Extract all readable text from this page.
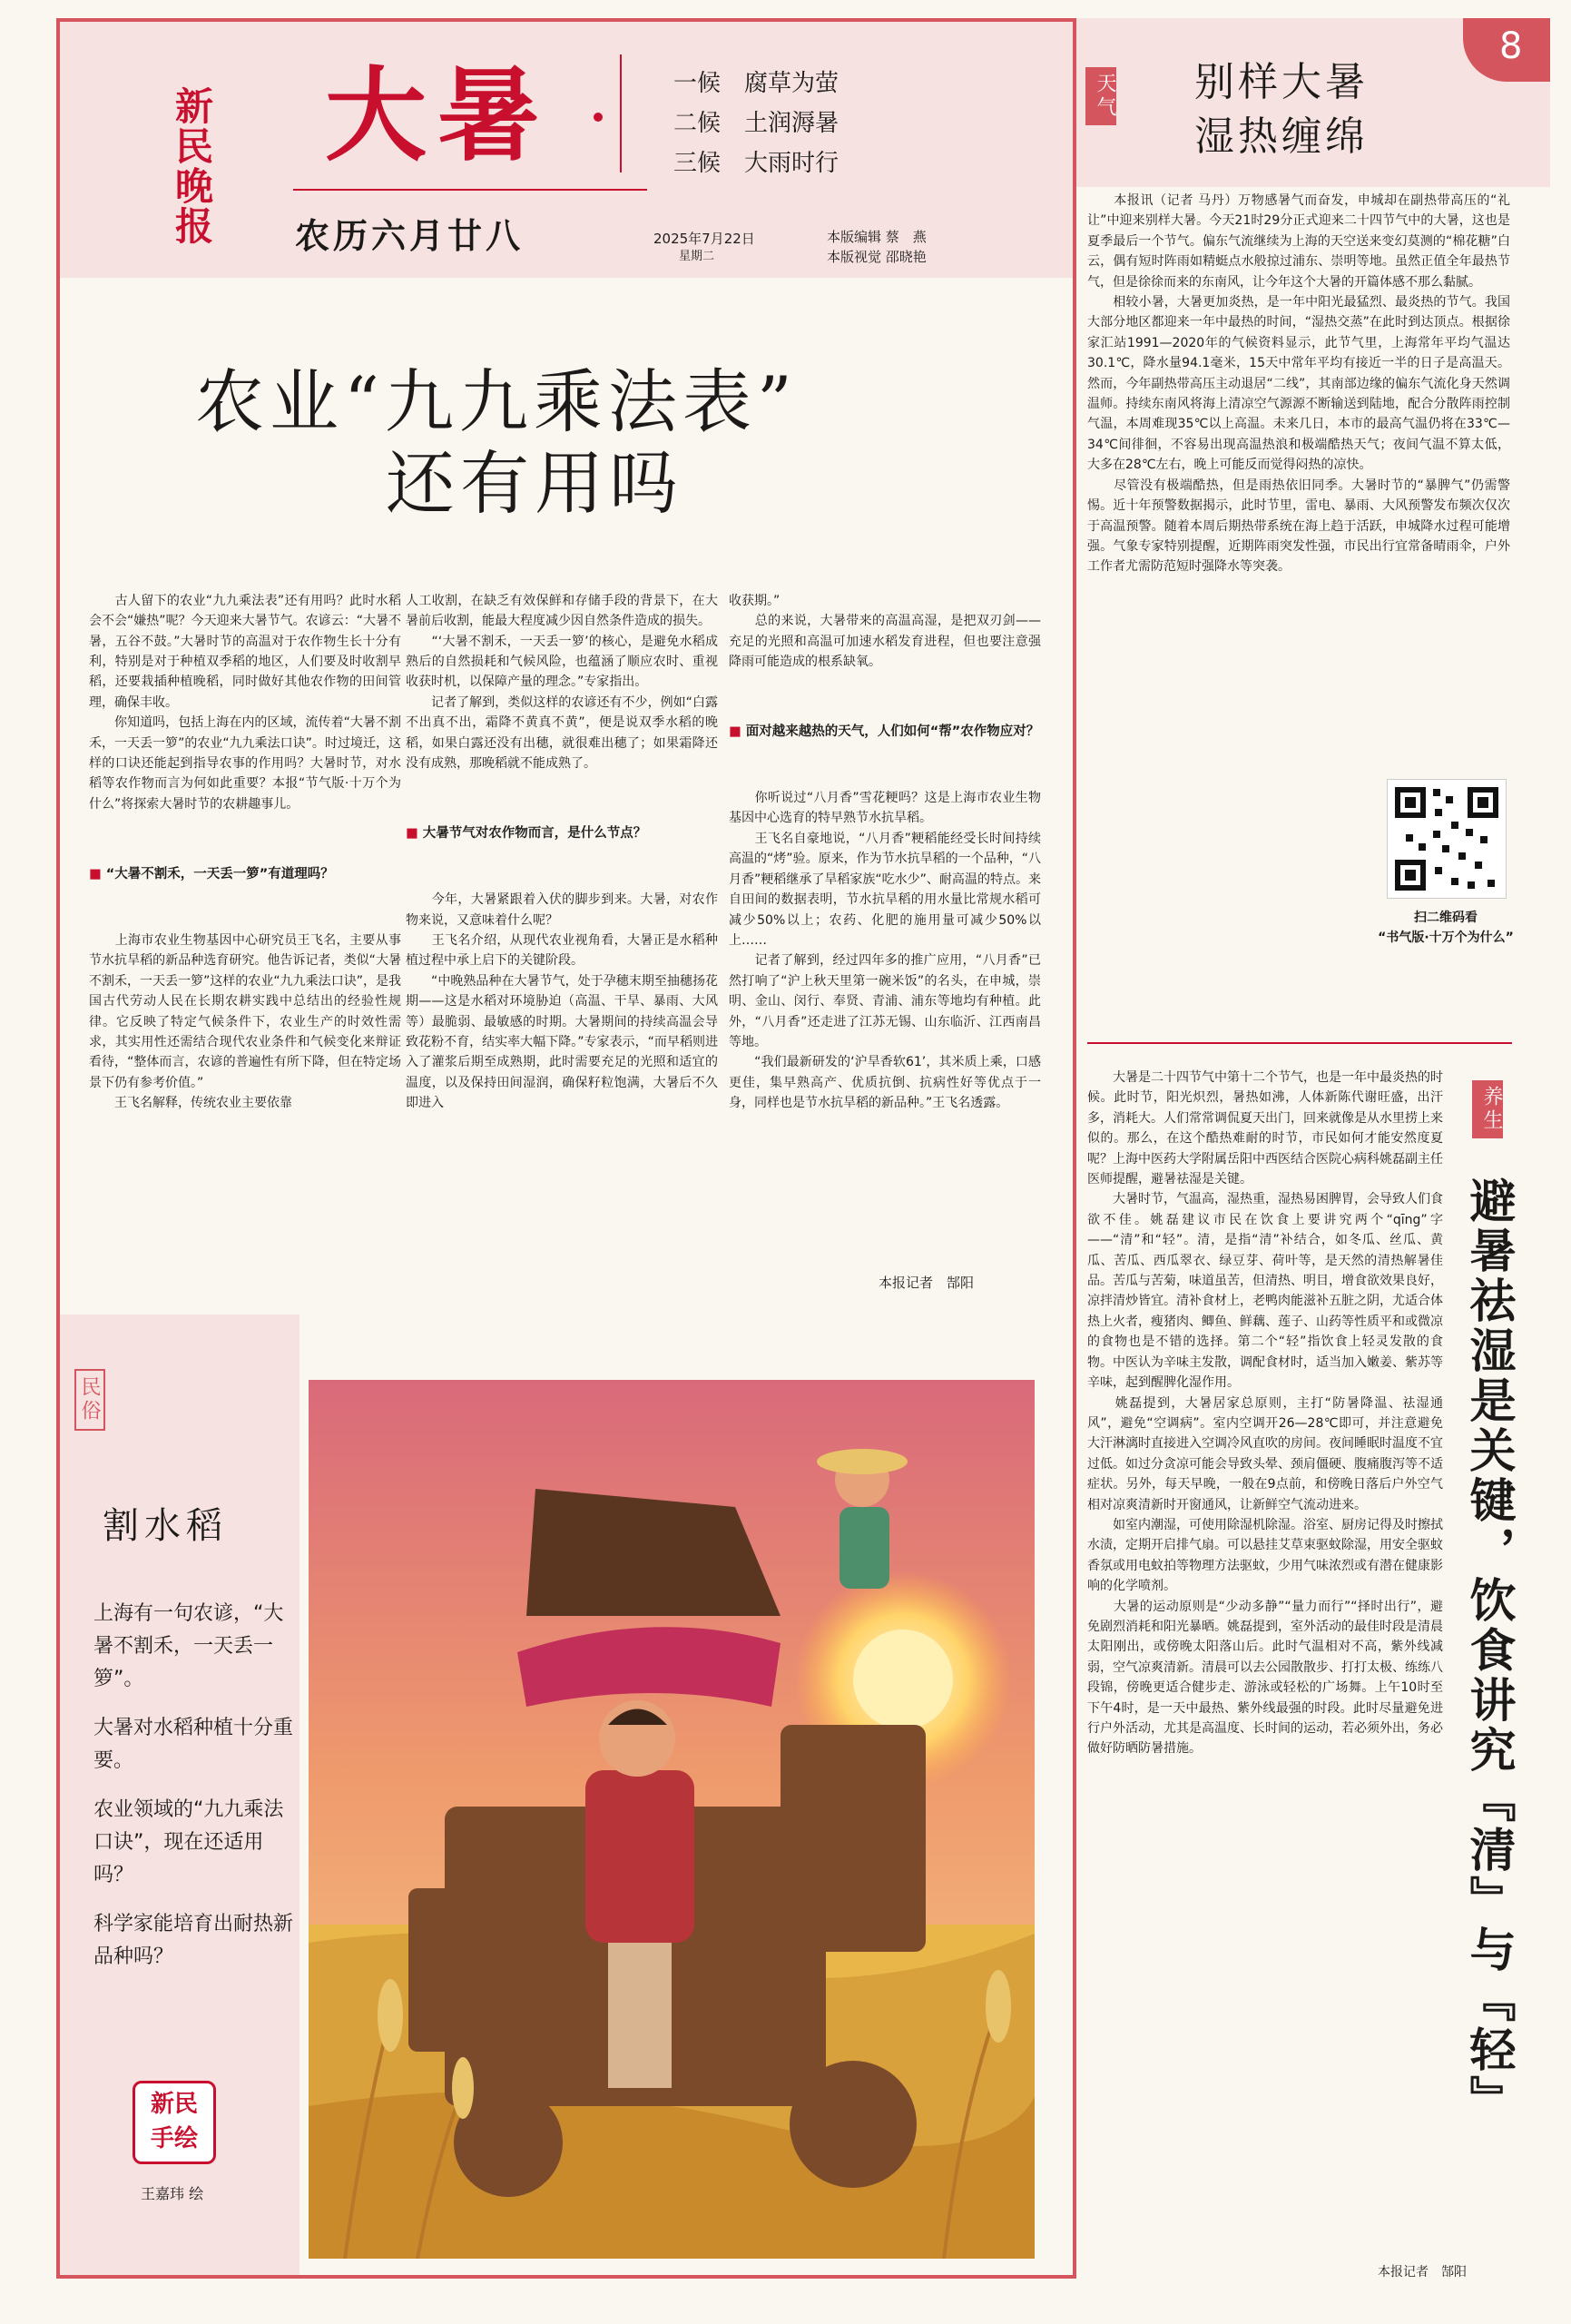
新民晚报 大暑	一候　腐草为萤
二候　土润溽暑
三候　大雨时行
农历六月廿八	2025年7月22日
星期二
本版编辑 蔡　燕
本版视觉 邵晓艳
8
农业“九九乘法表”
还有用吗

　　古人留下的农业“九九乘法表”还有用吗？此时水稻会不会“嫌热”呢？今天迎来大暑节气。农谚云：“大暑不暑，五谷不鼓。”大暑时节的高温对于农作物生长十分有利，特别是对于种植双季稻的地区，人们要及时收割早稻，还要栽插种植晚稻，同时做好其他农作物的田间管理，确保丰收。
　　你知道吗，包括上海在内的区域，流传着“大暑不割禾，一天丢一箩”的农业“九九乘法口诀”。时过境迁，这样的口诀还能起到指导农事的作用吗？大暑时节，对水稻等农作物而言为何如此重要？本报“节气版·十万个为什么”将探索大暑时节的农耕趣事儿。

■ “大暑不割禾，一天丢一箩”有道理吗？

　　上海市农业生物基因中心研究员王飞名，主要从事节水抗旱稻的新品种选育研究。他告诉记者，类似“大暑不割禾，一天丢一箩”这样的农业“九九乘法口诀”，是我国古代劳动人民在长期农耕实践中总结出的经验性规律。它反映了特定气候条件下，农业生产的时效性需求，其实用性还需结合现代农业条件和气候变化来辩证看待，“整体而言，农谚的普遍性有所下降，但在特定场景下仍有参考价值。”
　　王飞名解释，传统农业主要依靠

人工收割，在缺乏有效保鲜和存储手段的背景下，在大暑前后收割，能最大程度减少因自然条件造成的损失。
　　“‘大暑不割禾，一天丢一箩’的核心，是避免水稻成熟后的自然损耗和气候风险，也蕴涵了顺应农时、重视收获时机，以保障产量的理念。”专家指出。
　　记者了解到，类似这样的农谚还有不少，例如“白露不出真不出，霜降不黄真不黄”，便是说双季水稻的晚稻，如果白露还没有出穗，就很难出穗了；如果霜降还没有成熟，那晚稻就不能成熟了。

■ 大暑节气对农作物而言，是什么节点？

　　今年，大暑紧跟着入伏的脚步到来。大暑，对农作物来说，又意味着什么呢？
　　王飞名介绍，从现代农业视角看，大暑正是水稻种植过程中承上启下的关键阶段。
　　“中晚熟品种在大暑节气，处于孕穗末期至抽穗扬花期——这是水稻对环境胁迫（高温、干旱、暴雨、大风等）最脆弱、最敏感的时期。大暑期间的持续高温会导致花粉不育，结实率大幅下降。”专家表示，“而早稻则进入了灌浆后期至成熟期，此时需要充足的光照和适宜的温度，以及保持田间湿润，确保籽粒饱满，大暑后不久即进入

收获期。”
　　总的来说，大暑带来的高温高湿，是把双刃剑——充足的光照和高温可加速水稻发育进程，但也要注意强降雨可能造成的根系缺氧。

■ 面对越来越热的天气，人们如何“帮”农作物应对？

　　你听说过“八月香”雪花粳吗？这是上海市农业生物基因中心选育的特早熟节水抗旱稻。
　　王飞名自豪地说，“八月香”粳稻能经受长时间持续高温的“烤”验。原来，作为节水抗旱稻的一个品种，“八月香”粳稻继承了旱稻家族“吃水少”、耐高温的特点。来自田间的数据表明，节水抗旱稻的用水量比常规水稻可减少50%以上；农药、化肥的施用量可减少50%以上……
　　记者了解到，经过四年多的推广应用，“八月香”已然打响了“沪上秋天里第一碗米饭”的名头，在申城，崇明、金山、闵行、奉贤、青浦、浦东等地均有种植。此外，“八月香”还走进了江苏无锡、山东临沂、江西南昌等地。
　　“我们最新研发的‘沪旱香软61’，其米质上乘，口感更佳，集早熟高产、优质抗倒、抗病性好等优点于一身，同样也是节水抗旱稻的新品种。”王飞名透露。

本报记者　郜阳
民俗
割水稻
上海有一句农谚，“大暑不割禾，一天丢一箩”。
大暑对水稻种植十分重要。
农业领域的“九九乘法口诀”，现在还适用吗？
科学家能培育出耐热新品种吗？
新民
手绘
王嘉玮 绘
天气 别样大暑
湿热缠绵
　　本报讯（记者 马丹）万物感暑气而奋发，申城却在副热带高压的“礼让”中迎来别样大暑。今天21时29分正式迎来二十四节气中的大暑，这也是夏季最后一个节气。偏东气流继续为上海的天空送来变幻莫测的“棉花糖”白云，偶有短时阵雨如精蜓点水般掠过浦东、崇明等地。虽然正值全年最热节气，但是徐徐而来的东南风，让今年这个大暑的开篇体感不那么黏腻。
　　相较小暑，大暑更加炎热，是一年中阳光最猛烈、最炎热的节气。我国大部分地区都迎来一年中最热的时间，“湿热交蒸”在此时到达顶点。根据徐家汇站1991—2020年的气候资料显示，此节气里，上海常年平均气温达30.1℃，降水量94.1毫米，15天中常年平均有接近一半的日子是高温天。然而，今年副热带高压主动退居“二线”，其南部边缘的偏东气流化身天然调温师。持续东南风将海上清凉空气源源不断输送到陆地，配合分散阵雨控制气温，本周难现35℃以上高温。未来几日，本市的最高气温仍将在33℃—34℃间徘徊，不容易出现高温热浪和极端酷热天气；夜间气温不算太低，大多在28℃左右，晚上可能反而觉得闷热的凉快。
　　尽管没有极端酷热，但是雨热依旧同季。大暑时节的“暴脾气”仍需警惕。近十年预警数据揭示，此时节里，雷电、暴雨、大风预警发布频次仅次于高温预警。随着本周后期热带系统在海上趋于活跃，申城降水过程可能增强。气象专家特别提醒，近期阵雨突发性强，市民出行宜常备晴雨伞，户外工作者尤需防范短时强降水等突袭。
扫二维码看
“书气版·十万个为什么”
　　大暑是二十四节气中第十二个节气，也是一年中最炎热的时候。此时节，阳光炽烈，暑热如沸，人体新陈代谢旺盛，出汗多，消耗大。人们常常调侃夏天出门，回来就像是从水里捞上来似的。那么，在这个酷热难耐的时节，市民如何才能安然度夏呢？上海中医药大学附属岳阳中西医结合医院心病科姚磊副主任医师提醒，避暑祛湿是关键。
　　大暑时节，气温高，湿热重，湿热易困脾胃，会导致人们食欲不佳。姚磊建议市民在饮食上要讲究两个“qīng”字——“清”和“轻”。清，是指“清”补结合，如冬瓜、丝瓜、黄瓜、苦瓜、西瓜翠衣、绿豆芽、荷叶等，是天然的清热解暑佳品。苦瓜与苦菊，味道虽苦，但清热、明目，增食欲效果良好，凉拌清炒皆宜。清补食材上，老鸭肉能滋补五脏之阴，尤适合体热上火者，瘦猪肉、鲫鱼、鲜藕、莲子、山药等性质平和或微凉的食物也是不错的选择。第二个“轻”指饮食上轻灵发散的食物。中医认为辛味主发散，调配食材时，适当加入嫩姜、紫苏等辛味，起到醒脾化湿作用。
　　姚磊提到，大暑居家总原则，主打“防暑降温、祛湿通风”，避免“空调病”。室内空调开26—28℃即可，并注意避免大汗淋漓时直接进入空调冷风直吹的房间。夜间睡眠时温度不宜过低。如过分贪凉可能会导致头晕、颈肩僵硬、腹痛腹泻等不适症状。另外，每天早晚，一般在9点前，和傍晚日落后户外空气相对凉爽清新时开窗通风，让新鲜空气流动进来。
　　如室内潮湿，可使用除湿机除湿。浴室、厨房记得及时擦拭水渍，定期开启排气扇。可以悬挂艾草束驱蚊除湿，用安全驱蚊香氛或用电蚊拍等物理方法驱蚊，少用气味浓烈或有潜在健康影响的化学喷剂。
　　大暑的运动原则是“少动多静”“量力而行”“择时出行”，避免剧烈消耗和阳光暴晒。姚磊提到，室外活动的最佳时段是清晨太阳刚出，或傍晚太阳落山后。此时气温相对不高，紫外线减弱，空气凉爽清新。清晨可以去公园散散步、打打太极、练练八段锦，傍晚更适合健步走、游泳或轻松的广场舞。上午10时至下午4时，是一天中最热、紫外线最强的时段。此时尽量避免进行户外活动，尤其是高温度、长时间的运动，若必须外出，务必做好防晒防暑措施。
养生
避暑祛湿是关键，饮食讲究『清』与『轻』
本报记者　郜阳
